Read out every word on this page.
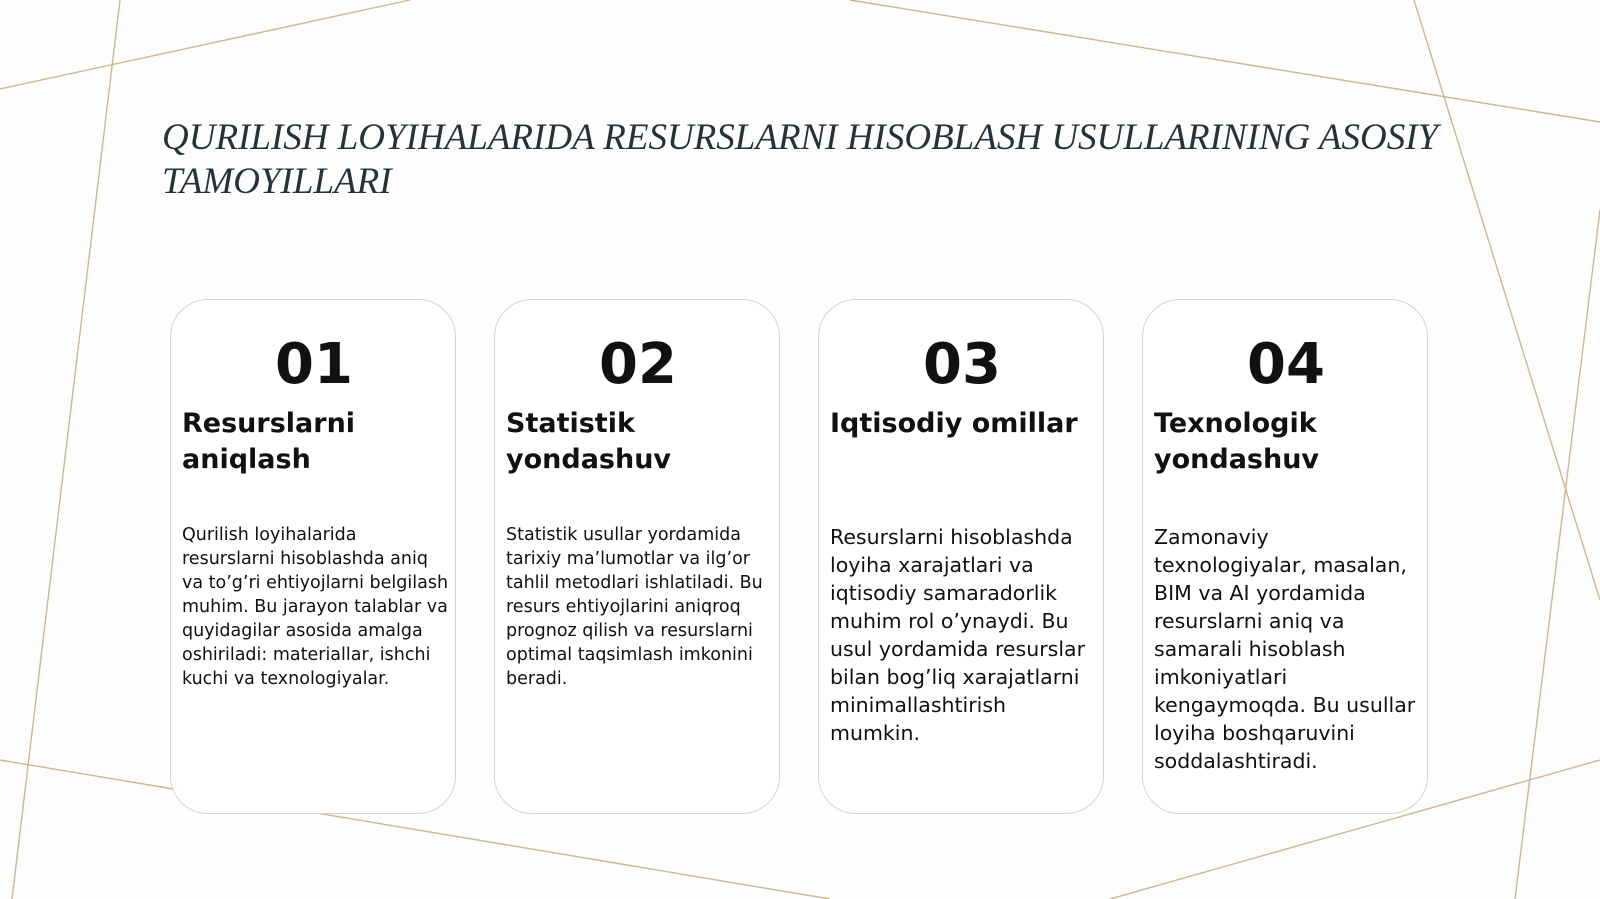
QURILISH LOYIHALARIDA RESURSLARNI HISOBLASH USULLARINING ASOSIY TAMOYILLARI
01
Resurslarni aniqlash
Qurilish loyihalarida resurslarni hisoblashda aniq va to’g’ri ehtiyojlarni belgilash muhim. Bu jarayon talablar va quyidagilar asosida amalga oshiriladi: materiallar, ishchi kuchi va texnologiyalar.
02
Statistik yondashuv
Statistik usullar yordamida tarixiy ma’lumotlar va ilg’or tahlil metodlari ishlatiladi. Bu resurs ehtiyojlarini aniqroq prognoz qilish va resurslarni optimal taqsimlash imkonini beradi.
03
Iqtisodiy omillar
Resurslarni hisoblashda loyiha xarajatlari va iqtisodiy samaradorlik muhim rol o’ynaydi. Bu usul yordamida resurslar bilan bog’liq xarajatlarni minimallashtirish mumkin.
04
Texnologik yondashuv
Zamonaviy texnologiyalar, masalan, BIM va AI yordamida resurslarni aniq va samarali hisoblash imkoniyatlari kengaymoqda. Bu usullar loyiha boshqaruvini soddalashtiradi.
